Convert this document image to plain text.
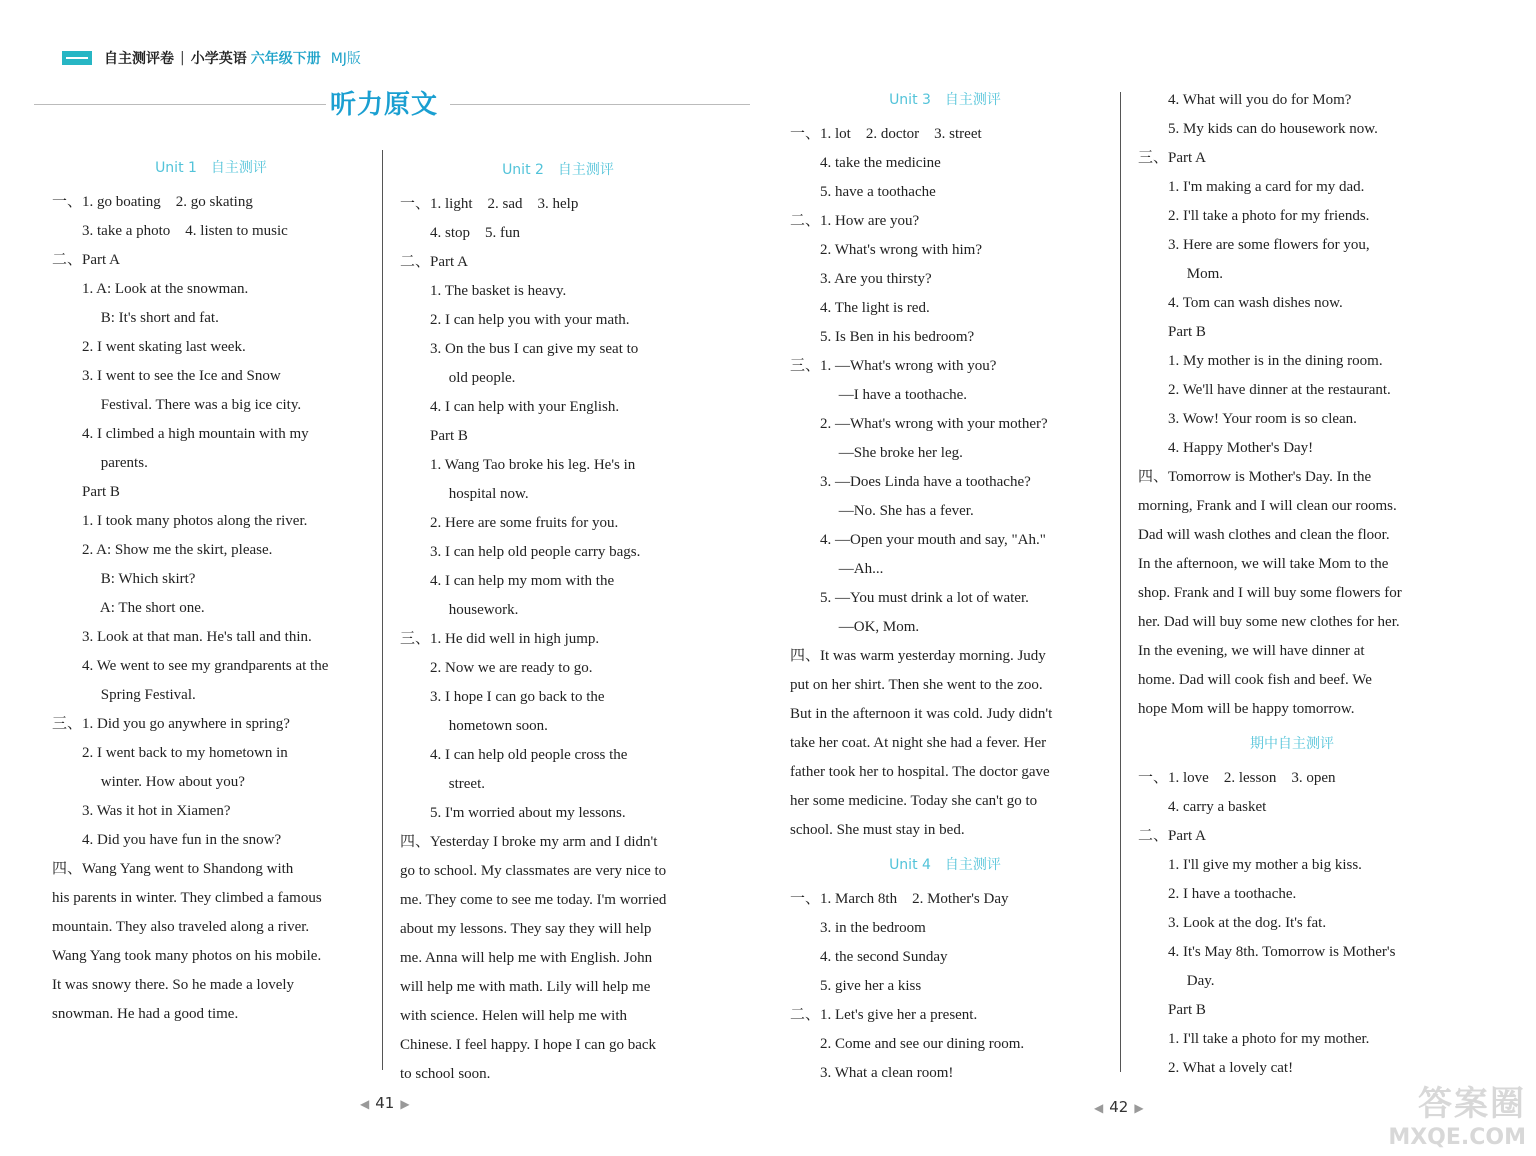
自主测评卷 | 小学英语 六年级下册 MJ版
听力原文
Unit 1　自主测评
一、1. go boating　2. go skating
　　3. take a photo　4. listen to music
二、Part A
　　1. A: Look at the snowman.
　　　 B: It's short and fat.
　　2. I went skating last week.
　　3. I went to see the Ice and Snow
　　　 Festival. There was a big ice city.
　　4. I climbed a high mountain with my
　　　 parents.
　　Part B
　　1. I took many photos along the river.
　　2. A: Show me the skirt, please.
　　　 B: Which skirt?
　　　 A: The short one.
　　3. Look at that man. He's tall and thin.
　　4. We went to see my grandparents at the
　　　 Spring Festival.
三、1. Did you go anywhere in spring?
　　2. I went back to my hometown in
　　　 winter. How about you?
　　3. Was it hot in Xiamen?
　　4. Did you have fun in the snow?
四、Wang Yang went to Shandong with
his parents in winter. They climbed a famous
mountain. They also traveled along a river.
Wang Yang took many photos on his mobile.
It was snowy there. So he made a lovely
snowman. He had a good time.
Unit 2　自主测评
一、1. light　2. sad　3. help
　　4. stop　5. fun
二、Part A
　　1. The basket is heavy.
　　2. I can help you with your math.
　　3. On the bus I can give my seat to
　　　 old people.
　　4. I can help with your English.
　　Part B
　　1. Wang Tao broke his leg. He's in
　　　 hospital now.
　　2. Here are some fruits for you.
　　3. I can help old people carry bags.
　　4. I can help my mom with the
　　　 housework.
三、1. He did well in high jump.
　　2. Now we are ready to go.
　　3. I hope I can go back to the
　　　 hometown soon.
　　4. I can help old people cross the
　　　 street.
　　5. I'm worried about my lessons.
四、Yesterday I broke my arm and I didn't
go to school. My classmates are very nice to
me. They come to see me today. I'm worried
about my lessons. They say they will help
me. Anna will help me with English. John
will help me with math. Lily will help me
with science. Helen will help me with
Chinese. I feel happy. I hope I can go back
to school soon.
Unit 3　自主测评
一、1. lot　2. doctor　3. street
　　4. take the medicine
　　5. have a toothache
二、1. How are you?
　　2. What's wrong with him?
　　3. Are you thirsty?
　　4. The light is red.
　　5. Is Ben in his bedroom?
三、1. —What's wrong with you?
　　　 —I have a toothache.
　　2. —What's wrong with your mother?
　　　 —She broke her leg.
　　3. —Does Linda have a toothache?
　　　 —No. She has a fever.
　　4. —Open your mouth and say, "Ah."
　　　 —Ah...
　　5. —You must drink a lot of water.
　　　 —OK, Mom.
四、It was warm yesterday morning. Judy
put on her shirt. Then she went to the zoo.
But in the afternoon it was cold. Judy didn't
take her coat. At night she had a fever. Her
father took her to hospital. The doctor gave
her some medicine. Today she can't go to
school. She must stay in bed.
Unit 4　自主测评
一、1. March 8th　2. Mother's Day
　　3. in the bedroom
　　4. the second Sunday
　　5. give her a kiss
二、1. Let's give her a present.
　　2. Come and see our dining room.
　　3. What a clean room!
　　4. What will you do for Mom?
　　5. My kids can do housework now.
三、Part A
　　1. I'm making a card for my dad.
　　2. I'll take a photo for my friends.
　　3. Here are some flowers for you,
　　　 Mom.
　　4. Tom can wash dishes now.
　　Part B
　　1. My mother is in the dining room.
　　2. We'll have dinner at the restaurant.
　　3. Wow! Your room is so clean.
　　4. Happy Mother's Day!
四、Tomorrow is Mother's Day. In the
morning, Frank and I will clean our rooms.
Dad will wash clothes and clean the floor.
In the afternoon, we will take Mom to the
shop. Frank and I will buy some flowers for
her. Dad will buy some new clothes for her.
In the evening, we will have dinner at
home. Dad will cook fish and beef. We
hope Mom will be happy tomorrow.
期中自主测评
一、1. love　2. lesson　3. open
　　4. carry a basket
二、Part A
　　1. I'll give my mother a big kiss.
　　2. I have a toothache.
　　3. Look at the dog. It's fat.
　　4. It's May 8th. Tomorrow is Mother's
　　　 Day.
　　Part B
　　1. I'll take a photo for my mother.
　　2. What a lovely cat!
◀ 41 ▶	◀ 42 ▶	答案圈
MXQE.COM
